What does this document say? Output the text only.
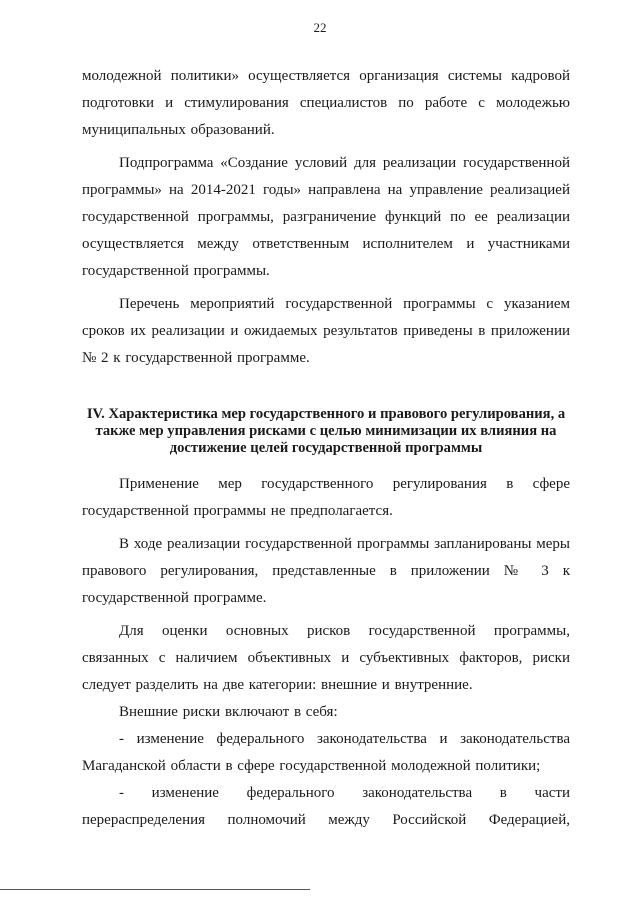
22

молодежной политики» осуществляется организация системы кадровой подготовки и стимулирования специалистов по работе с молодежью муниципальных образований.

Подпрограмма «Создание условий для реализации государственной программы» на 2014-2021 годы» направлена на управление реализацией государственной программы, разграничение функций по ее реализации осуществляется между ответственным исполнителем и участниками государственной программы.

Перечень мероприятий государственной программы с указанием сроков их реализации и ожидаемых результатов приведены в приложении № 2 к государственной программе.

IV. Характеристика мер государственного и правового регулирования, а также мер управления рисками с целью минимизации их влияния на достижение целей государственной программы

Применение мер государственного регулирования в сфере государственной программы не предполагается.

В ходе реализации государственной программы запланированы меры правового регулирования, представленные в приложении № 3 к государственной программе.

Для оценки основных рисков государственной программы, связанных с наличием объективных и субъективных факторов, риски следует разделить на две категории: внешние и внутренние.

Внешние риски включают в себя:

- изменение федерального законодательства и законодательства Магаданской области в сфере государственной молодежной политики;

- изменение федерального законодательства в части
перераспределения полномочий между Российской Федерацией,
